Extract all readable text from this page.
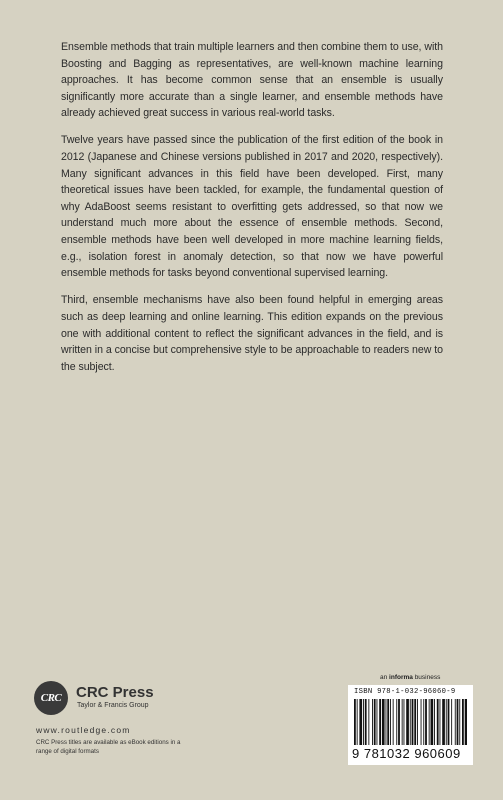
Ensemble methods that train multiple learners and then combine them to use, with Boosting and Bagging as representatives, are well-known machine learning approaches. It has become common sense that an ensemble is usually significantly more accurate than a single learner, and ensemble methods have already achieved great success in various real-world tasks.

Twelve years have passed since the publication of the first edition of the book in 2012 (Japanese and Chinese versions published in 2017 and 2020, respectively). Many significant advances in this field have been developed. First, many theoretical issues have been tackled, for example, the fundamental question of why AdaBoost seems resistant to overfitting gets addressed, so that now we understand much more about the essence of ensemble methods. Second, ensemble methods have been well developed in more machine learning fields, e.g., isolation forest in anomaly detection, so that now we have powerful ensemble methods for tasks beyond conventional supervised learning.

Third, ensemble mechanisms have also been found helpful in emerging areas such as deep learning and online learning. This edition expands on the previous one with additional content to reflect the significant advances in the field, and is written in a concise but comprehensive style to be approachable to readers new to the subject.

an informa business
CRC CRC Press
Taylor & Francis Group
www.routledge.com
CRC Press titles are available as eBook editions in a range of digital formats
ISBN 978-1-032-96060-9
9 781032 960609
